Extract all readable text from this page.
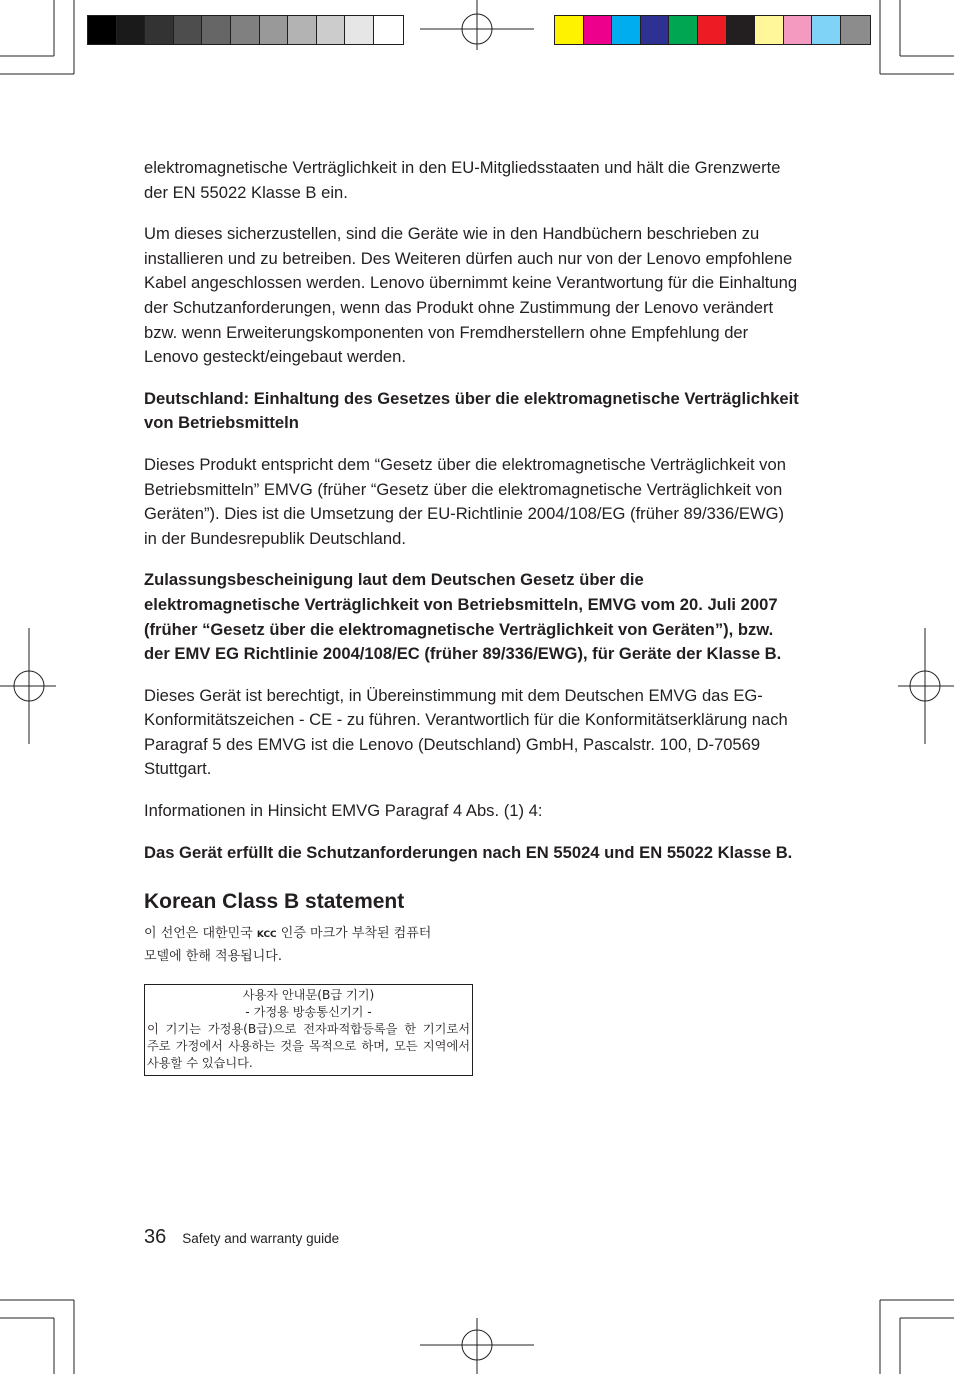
elektromagnetische Verträglichkeit in den EU-Mitgliedsstaaten und hält die Grenzwerte der EN 55022 Klasse B ein.

Um dieses sicherzustellen, sind die Geräte wie in den Handbüchern beschrieben zu installieren und zu betreiben. Des Weiteren dürfen auch nur von der Lenovo empfohlene Kabel angeschlossen werden. Lenovo übernimmt keine Verantwortung für die Einhaltung der Schutzanforderungen, wenn das Produkt ohne Zustimmung der Lenovo verändert bzw. wenn Erweiterungskomponenten von Fremdherstellern ohne Empfehlung der Lenovo gesteckt/eingebaut werden.

Deutschland: Einhaltung des Gesetzes über die elektromagnetische Verträglichkeit von Betriebsmitteln

Dieses Produkt entspricht dem “Gesetz über die elektromagnetische Verträglichkeit von Betriebsmitteln” EMVG (früher “Gesetz über die elektromagnetische Verträglichkeit von Geräten”). Dies ist die Umsetzung der EU-Richtlinie 2004/108/EG (früher 89/336/EWG) in der Bundesrepublik Deutschland.

Zulassungsbescheinigung laut dem Deutschen Gesetz über die elektromagnetische Verträglichkeit von Betriebsmitteln, EMVG vom 20. Juli 2007 (früher “Gesetz über die elektromagnetische Verträglichkeit von Geräten”), bzw. der EMV EG Richtlinie 2004/108/EC (früher 89/336/EWG), für Geräte der Klasse B.

Dieses Gerät ist berechtigt, in Übereinstimmung mit dem Deutschen EMVG das EG-Konformitätszeichen - CE - zu führen. Verantwortlich für die Konformitätserklärung nach Paragraf 5 des EMVG ist die Lenovo (Deutschland) GmbH, Pascalstr. 100, D-70569 Stuttgart.

Informationen in Hinsicht EMVG Paragraf 4 Abs. (1) 4:

Das Gerät erfüllt die Schutzanforderungen nach EN 55024 und EN 55022 Klasse B.

Korean Class B statement
이 선언은 대한민국 KCC 인증 마크가 부착된 컴퓨터
모델에 한해 적용됩니다.
사용자 안내문(B급 기기)
- 가정용 방송통신기기 -
이 기기는 가정용(B급)으로 전자파적합등록을 한 기기로서 주로 가정에서 사용하는 것을 목적으로 하며, 모든 지역에서 사용할 수 있습니다.
36 Safety and warranty guide
